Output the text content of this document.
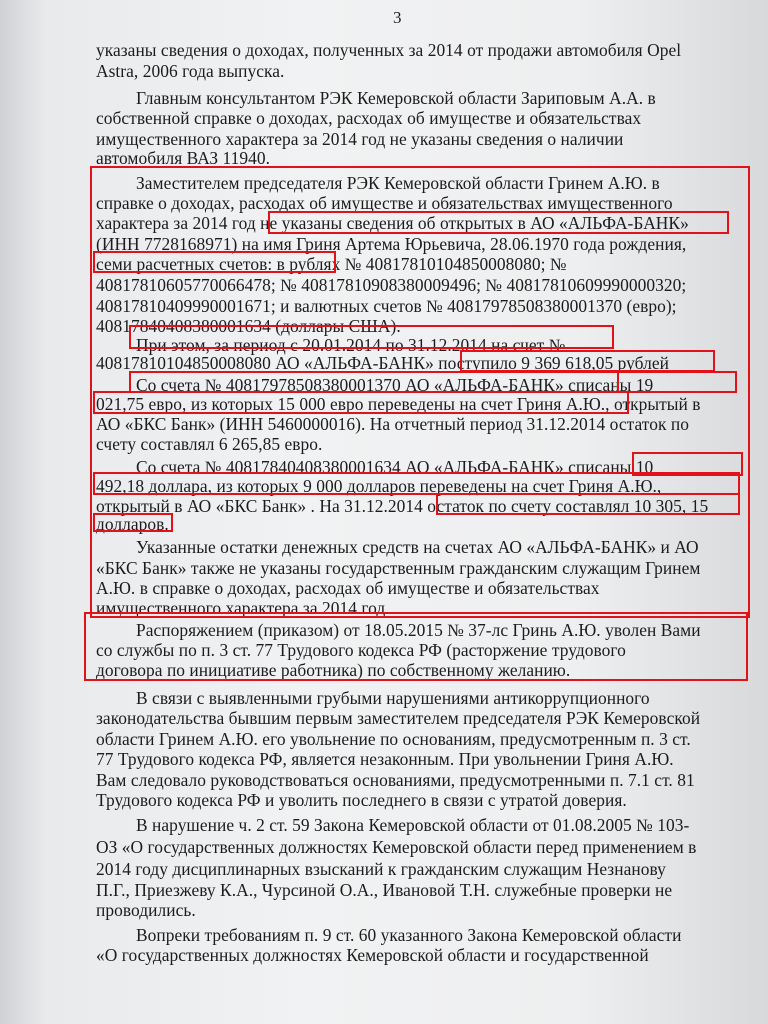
3

указаны сведения о доходах, полученных за 2014 от продажи автомобиля Opel

Astra, 2006 года выпуска.

Главным консультантом РЭК Кемеровской области Зариповым А.А. в

собственной справке о доходах, расходах об имуществе и обязательствах

имущественного характера за 2014 год не указаны сведения о наличии

автомобиля ВАЗ 11940.

Заместителем председателя РЭК Кемеровской области Гринем А.Ю. в

справке о доходах, расходах об имуществе и обязательствах имущественного

характера за 2014 год не указаны сведения об открытых в АО «АЛЬФА-БАНК»

(ИНН 7728168971) на имя Гриня Артема Юрьевича, 28.06.1970 года рождения,

семи расчетных счетов: в рублях № 40817810104850008080; №

40817810605770066478; № 40817810908380009496; № 40817810609990000320;

40817810409990001671; и валютных счетов № 40817978508380001370 (евро);

40817840408380001634 (доллары США).

При этом, за период с 20.01.2014 по 31.12.2014 на счет №

40817810104850008080 АО «АЛЬФА-БАНК» поступило 9 369 618,05 рублей

Со счета № 40817978508380001370 АО «АЛЬФА-БАНК» списаны 19

021,75 евро, из которых 15 000 евро переведены на счет Гриня А.Ю., открытый в

АО «БКС Банк» (ИНН 5460000016). На отчетный период 31.12.2014 остаток по

счету составлял 6 265,85 евро.

Со счета № 40817840408380001634 АО «АЛЬФА-БАНК» списаны 10

492,18 доллара, из которых 9 000 долларов переведены на счет Гриня А.Ю.,

открытый в АО «БКС Банк» . На 31.12.2014 остаток по счету составлял 10 305, 15

долларов.

Указанные остатки денежных средств на счетах АО «АЛЬФА-БАНК» и АО

«БКС Банк» также не указаны государственным гражданским служащим Гринем

А.Ю. в справке о доходах, расходах об имуществе и обязательствах

имущественного характера за 2014 год.

Распоряжением (приказом) от 18.05.2015 № 37-лс Гринь А.Ю. уволен Вами

со службы по п. 3 ст. 77 Трудового кодекса РФ (расторжение трудового

договора по инициативе работника) по собственному желанию.

В связи с выявленными грубыми нарушениями антикоррупционного

законодательства бывшим первым заместителем председателя РЭК Кемеровской

области Гринем А.Ю. его увольнение по основаниям, предусмотренным п. 3 ст.

77 Трудового кодекса РФ, является незаконным. При увольнении Гриня А.Ю.

Вам следовало руководствоваться основаниями, предусмотренными п. 7.1 ст. 81

Трудового кодекса РФ и уволить последнего в связи с утратой доверия.

В нарушение ч. 2 ст. 59 Закона Кемеровской области от 01.08.2005 № 103-

ОЗ «О государственных должностях Кемеровской области перед применением в

2014 году дисциплинарных взысканий к гражданским служащим Незнанову

П.Г., Приезжеву К.А., Чурсиной О.А., Ивановой Т.Н. служебные проверки не

проводились.

Вопреки требованиям п. 9 ст. 60 указанного Закона Кемеровской области

«О государственных должностях Кемеровской области и государственной
